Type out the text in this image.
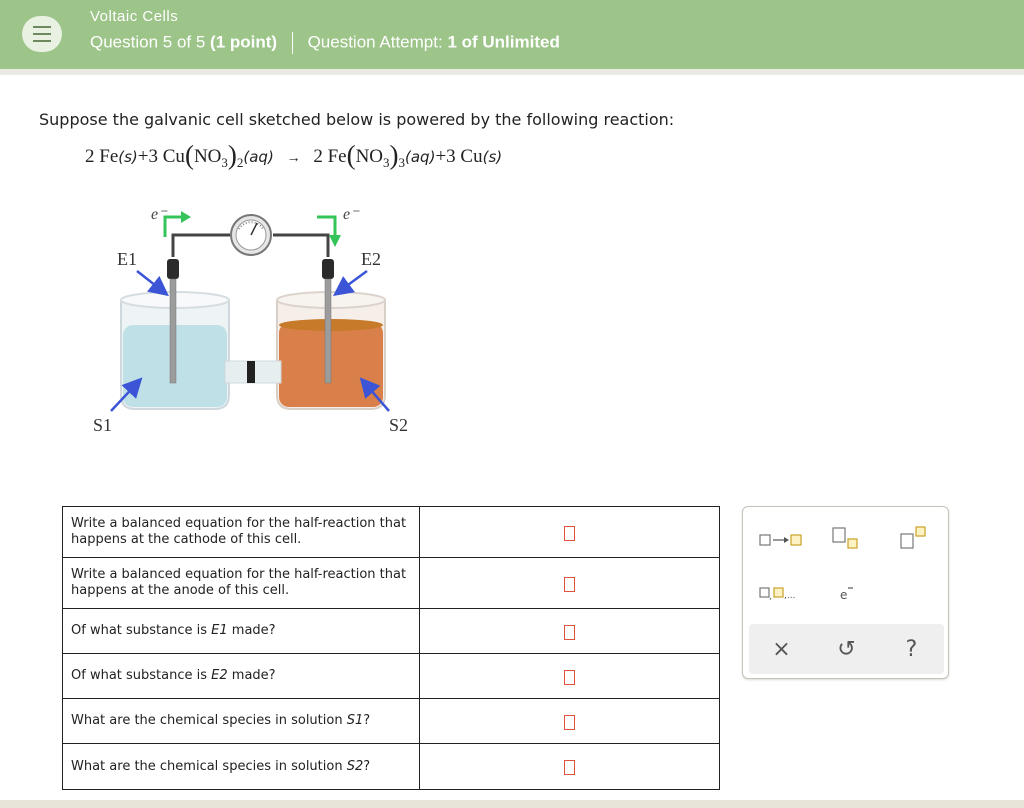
Voltaic Cells
Question 5 of 5 (1 point) Question Attempt: 1 of Unlimited
Suppose the galvanic cell sketched below is powered by the following reaction:
2 Fe(s)+3 $Cu(NO_3)_2(aq) \to 2$ $Fe(NO_3)_3(aq)+3$ Cu(s)
e⁻	e⁻
E1	E2
S1	S2
Write a balanced equation for the half-reaction that happens at the cathode of this cell.	
Write a balanced equation for the half-reaction that happens at the anode of this cell.	
Of what substance is E1 made?	
Of what substance is E2 made?	
What are the chemical species in solution S1?	
What are the chemical species in solution S2?	
, ,...	e
× ↺ ?
